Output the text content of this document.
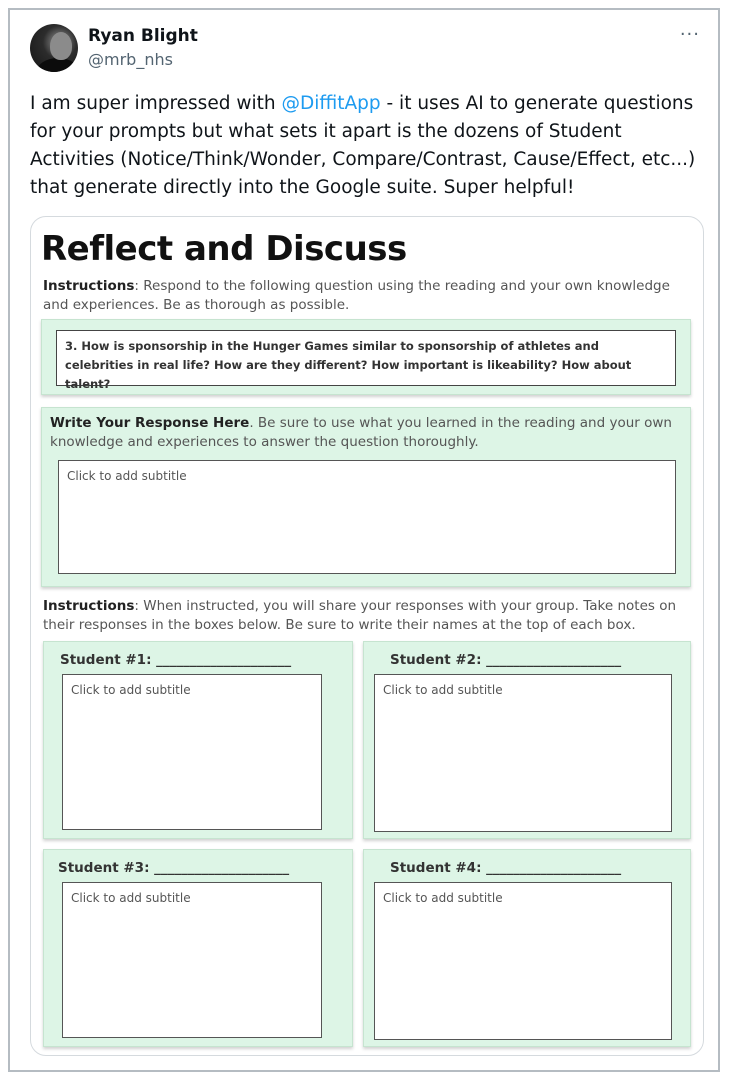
Ryan Blight
@mrb_nhs
···
I am super impressed with @DiffitApp - it uses AI to generate questions for your prompts but what sets it apart is the dozens of Student Activities (Notice/Think/Wonder, Compare/Contrast, Cause/Effect, etc...) that generate directly into the Google suite. Super helpful!
Reflect and Discuss
Instructions: Respond to the following question using the reading and your own knowledge and experiences. Be as thorough as possible.
3. How is sponsorship in the Hunger Games similar to sponsorship of athletes and celebrities in real life? How are they different? How important is likeability? How about talent?
Write Your Response Here. Be sure to use what you learned in the reading and your own knowledge and experiences to answer the question thoroughly.
Click to add subtitle
Instructions: When instructed, you will share your responses with your group. Take notes on their responses in the boxes below. Be sure to write their names at the top of each box.
Student #1: ____________________
Click to add subtitle
Student #2: ____________________
Click to add subtitle
Student #3: ____________________
Click to add subtitle
Student #4: ____________________
Click to add subtitle
